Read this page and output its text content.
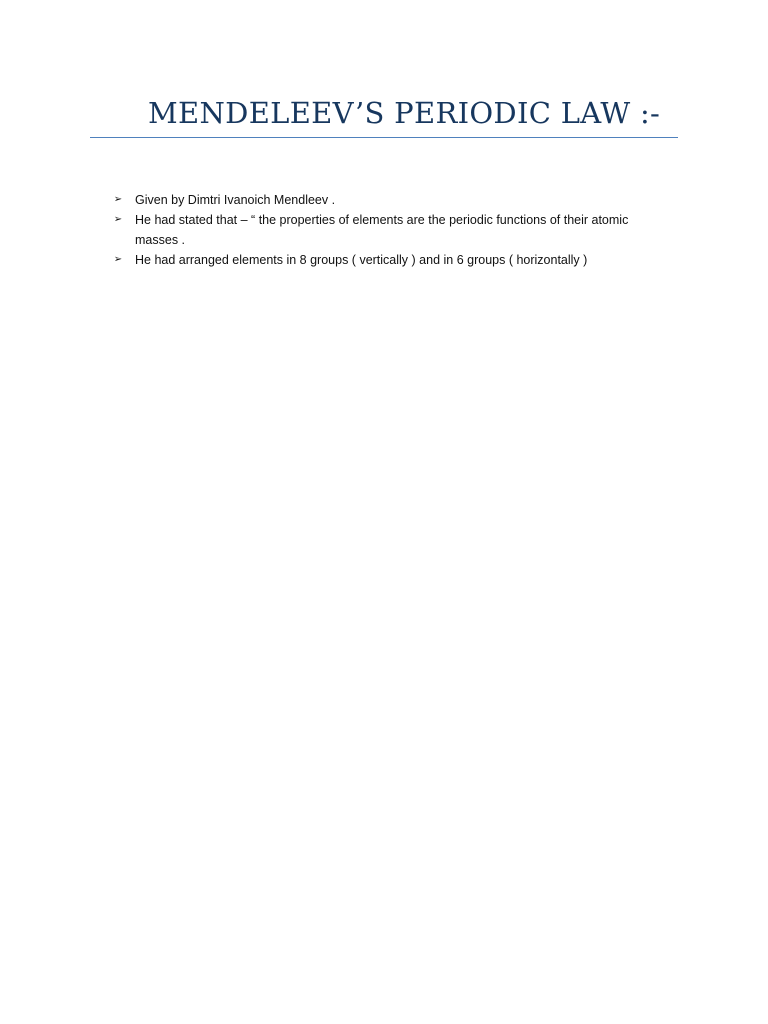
MENDELEEV’S PERIODIC LAW :-
➢ Given by Dimtri Ivanoich Mendleev .
➢ He had stated that – “ the properties of elements are the periodic functions of their atomic masses .
➢ He had arranged elements in 8 groups ( vertically ) and in 6 groups ( horizontally )
